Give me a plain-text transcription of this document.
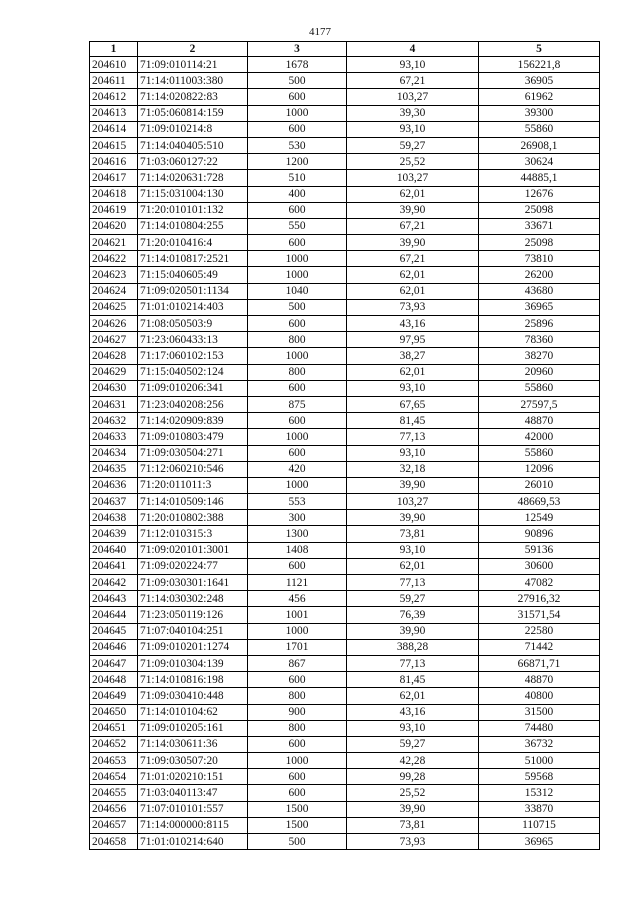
4177
1	2	3	4	5
204610	71:09:010114:21	1678	93,10	156221,8
204611	71:14:011003:380	500	67,21	36905
204612	71:14:020822:83	600	103,27	61962
204613	71:05:060814:159	1000	39,30	39300
204614	71:09:010214:8	600	93,10	55860
204615	71:14:040405:510	530	59,27	26908,1
204616	71:03:060127:22	1200	25,52	30624
204617	71:14:020631:728	510	103,27	44885,1
204618	71:15:031004:130	400	62,01	12676
204619	71:20:010101:132	600	39,90	25098
204620	71:14:010804:255	550	67,21	33671
204621	71:20:010416:4	600	39,90	25098
204622	71:14:010817:2521	1000	67,21	73810
204623	71:15:040605:49	1000	62,01	26200
204624	71:09:020501:1134	1040	62,01	43680
204625	71:01:010214:403	500	73,93	36965
204626	71:08:050503:9	600	43,16	25896
204627	71:23:060433:13	800	97,95	78360
204628	71:17:060102:153	1000	38,27	38270
204629	71:15:040502:124	800	62,01	20960
204630	71:09:010206:341	600	93,10	55860
204631	71:23:040208:256	875	67,65	27597,5
204632	71:14:020909:839	600	81,45	48870
204633	71:09:010803:479	1000	77,13	42000
204634	71:09:030504:271	600	93,10	55860
204635	71:12:060210:546	420	32,18	12096
204636	71:20:011011:3	1000	39,90	26010
204637	71:14:010509:146	553	103,27	48669,53
204638	71:20:010802:388	300	39,90	12549
204639	71:12:010315:3	1300	73,81	90896
204640	71:09:020101:3001	1408	93,10	59136
204641	71:09:020224:77	600	62,01	30600
204642	71:09:030301:1641	1121	77,13	47082
204643	71:14:030302:248	456	59,27	27916,32
204644	71:23:050119:126	1001	76,39	31571,54
204645	71:07:040104:251	1000	39,90	22580
204646	71:09:010201:1274	1701	388,28	71442
204647	71:09:010304:139	867	77,13	66871,71
204648	71:14:010816:198	600	81,45	48870
204649	71:09:030410:448	800	62,01	40800
204650	71:14:010104:62	900	43,16	31500
204651	71:09:010205:161	800	93,10	74480
204652	71:14:030611:36	600	59,27	36732
204653	71:09:030507:20	1000	42,28	51000
204654	71:01:020210:151	600	99,28	59568
204655	71:03:040113:47	600	25,52	15312
204656	71:07:010101:557	1500	39,90	33870
204657	71:14:000000:8115	1500	73,81	110715
204658	71:01:010214:640	500	73,93	36965
